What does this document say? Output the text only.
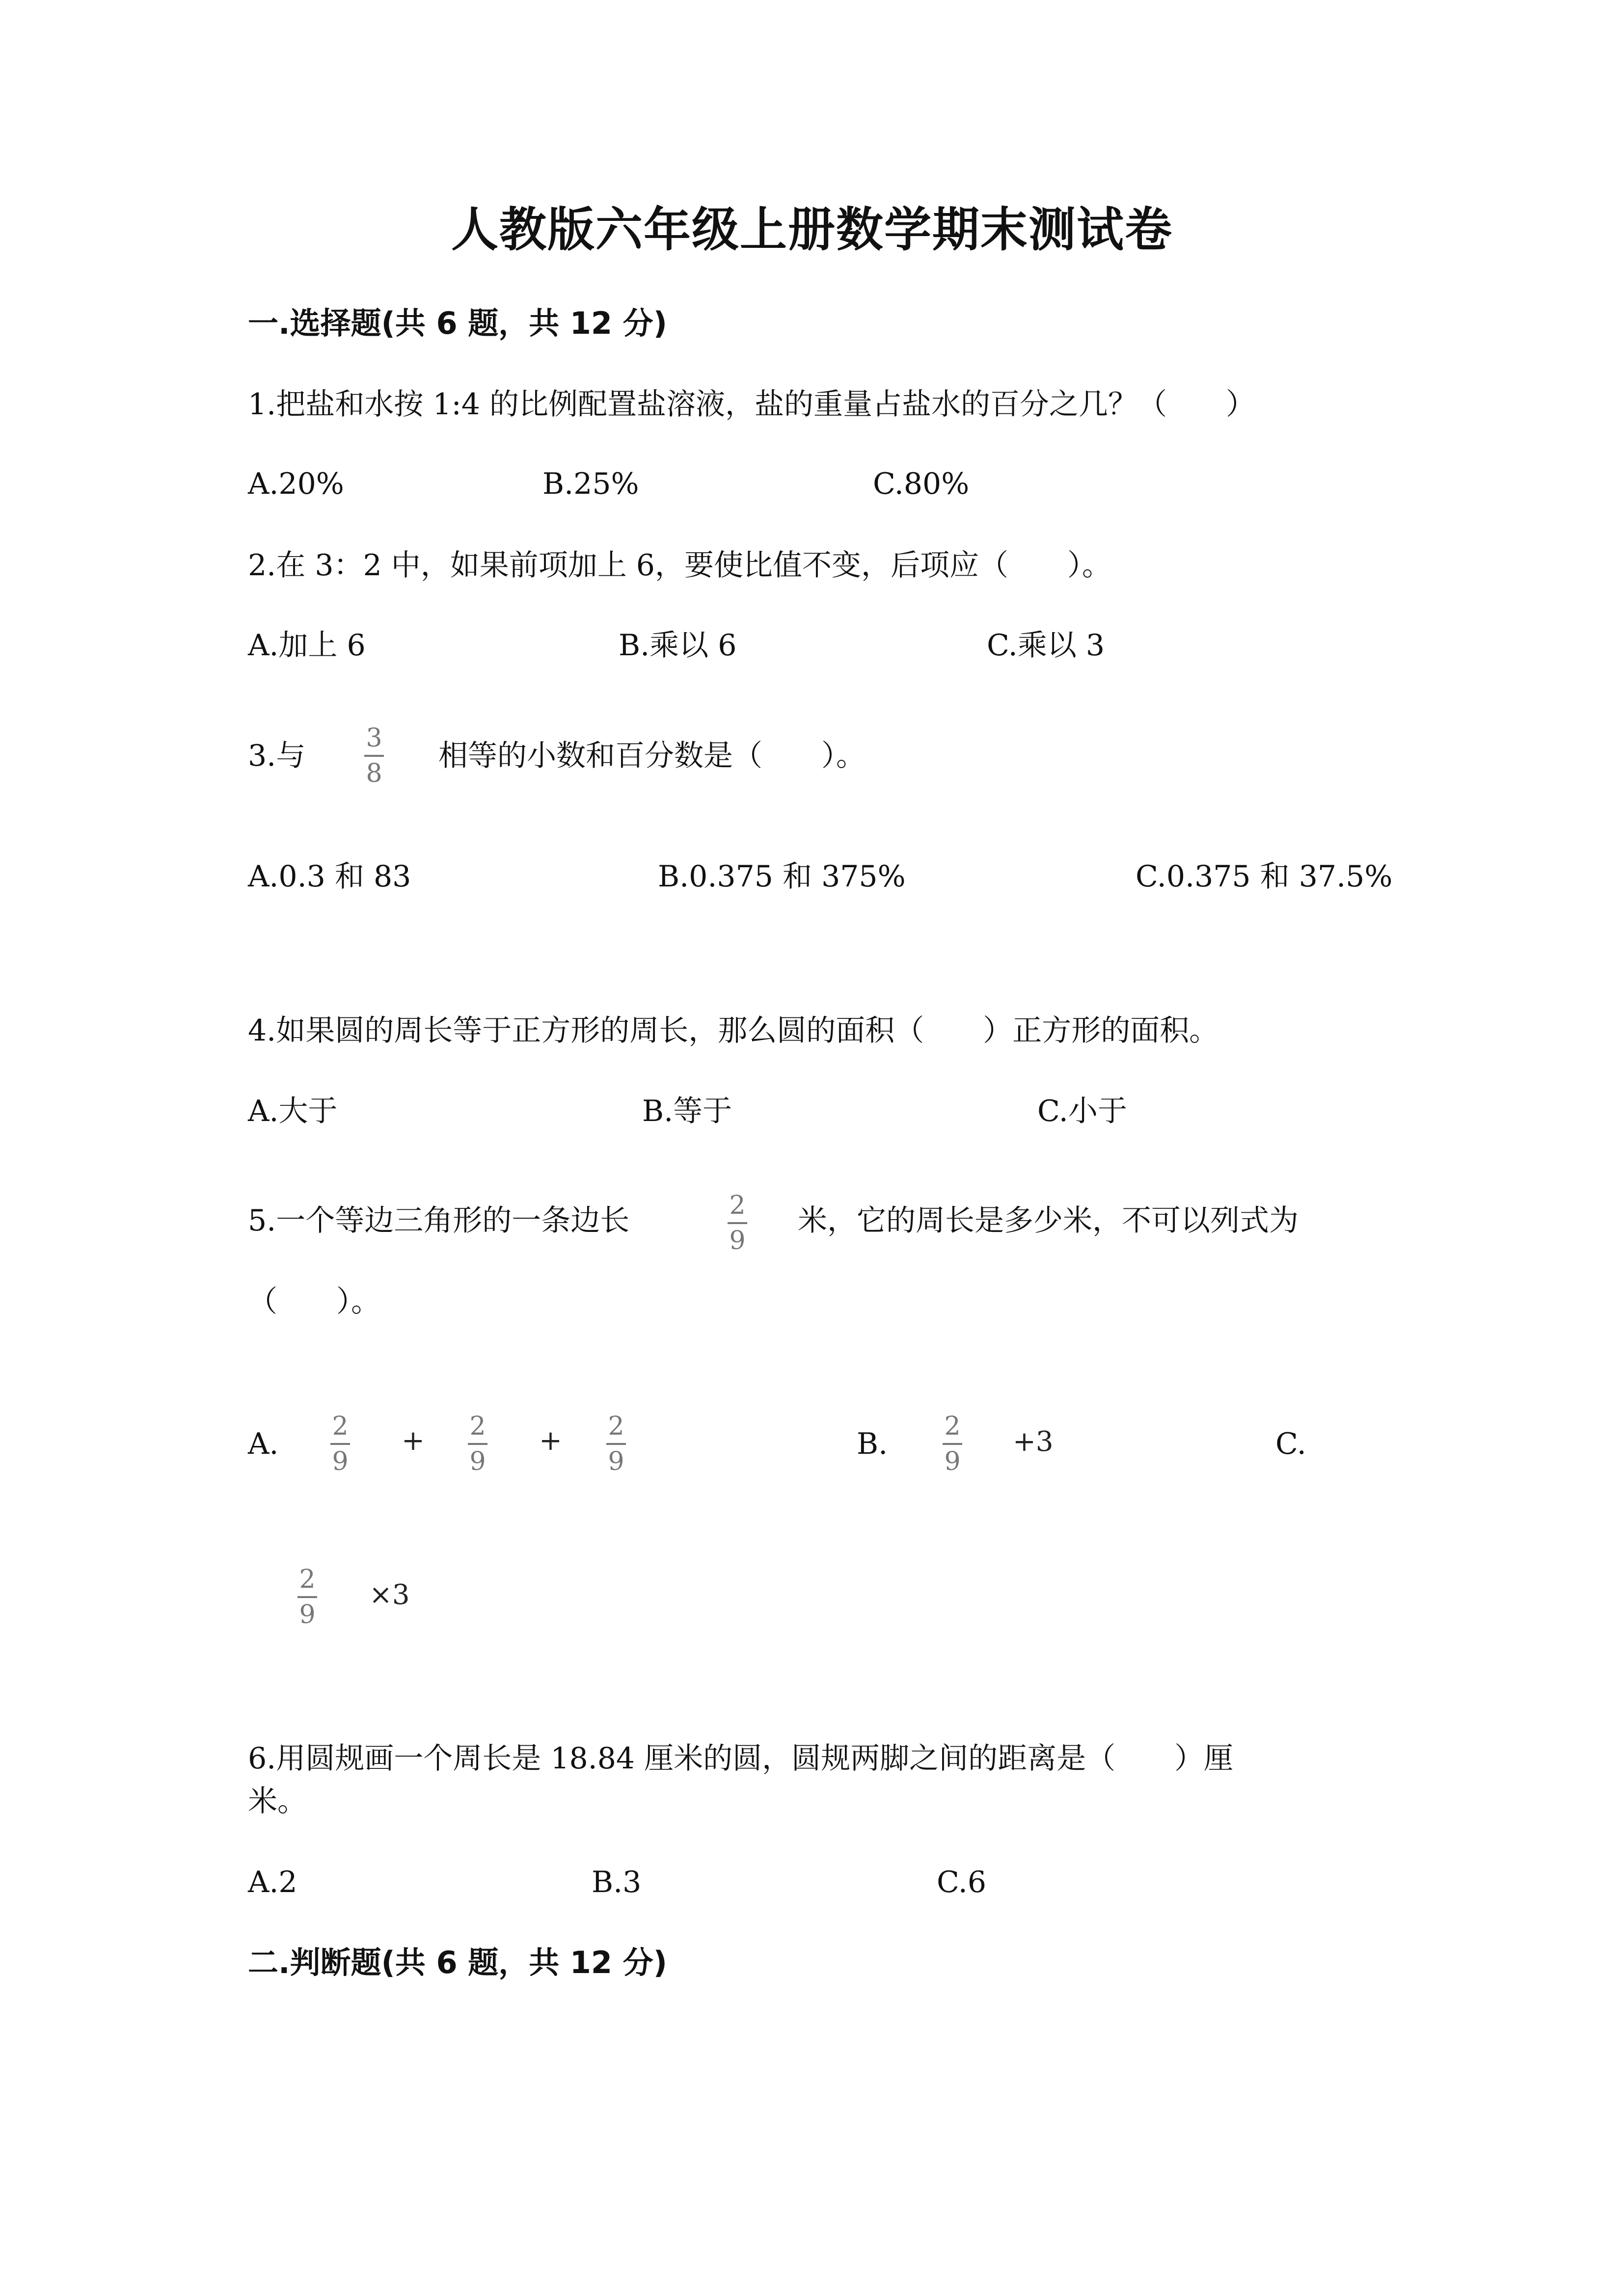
人教版六年级上册数学期末测试卷
一.选择题(共 6 题，共 12 分)
1.把盐和水按 1:4 的比例配置盐溶液，盐的重量占盐水的百分之几？（　　）
A.20%	B.25%	C.80%
2.在 3：2 中，如果前项加上 6，要使比值不变，后项应（　　）。
A.加上 6	B.乘以 6	C.乘以 3
3.与
3
8
相等的小数和百分数是（　　）。
A.0.3 和 83	B.0.375 和 375%	C.0.375 和 37.5%
4.如果圆的周长等于正方形的周长，那么圆的面积（　　）正方形的面积。
A.大于	B.等于	C.小于
5.一个等边三角形的一条边长	2
9
米，它的周长是多少米，不可以列式为
（　　）。
A.
2
9
+ 2
9
+ 2
9
B.
2
9
+3	C.
2
9
×3
6.用圆规画一个周长是 18.84 厘米的圆，圆规两脚之间的距离是（　　）厘
米。
A.2	B.3	C.6
二.判断题(共 6 题，共 12 分)
